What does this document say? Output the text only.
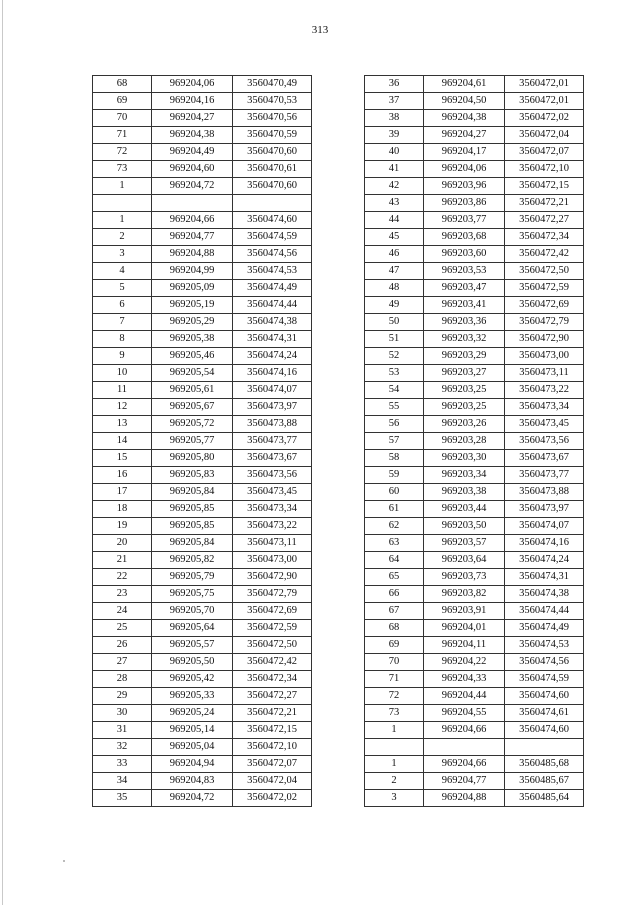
313
68	969204,06	3560470,49
69	969204,16	3560470,53
70	969204,27	3560470,56
71	969204,38	3560470,59
72	969204,49	3560470,60
73	969204,60	3560470,61
1	969204,72	3560470,60

1	969204,66	3560474,60
2	969204,77	3560474,59
3	969204,88	3560474,56
4	969204,99	3560474,53
5	969205,09	3560474,49
6	969205,19	3560474,44
7	969205,29	3560474,38
8	969205,38	3560474,31
9	969205,46	3560474,24
10	969205,54	3560474,16
11	969205,61	3560474,07
12	969205,67	3560473,97
13	969205,72	3560473,88
14	969205,77	3560473,77
15	969205,80	3560473,67
16	969205,83	3560473,56
17	969205,84	3560473,45
18	969205,85	3560473,34
19	969205,85	3560473,22
20	969205,84	3560473,11
21	969205,82	3560473,00
22	969205,79	3560472,90
23	969205,75	3560472,79
24	969205,70	3560472,69
25	969205,64	3560472,59
26	969205,57	3560472,50
27	969205,50	3560472,42
28	969205,42	3560472,34
29	969205,33	3560472,27
30	969205,24	3560472,21
31	969205,14	3560472,15
32	969205,04	3560472,10
33	969204,94	3560472,07
34	969204,83	3560472,04
35	969204,72	3560472,02
36	969204,61	3560472,01
37	969204,50	3560472,01
38	969204,38	3560472,02
39	969204,27	3560472,04
40	969204,17	3560472,07
41	969204,06	3560472,10
42	969203,96	3560472,15
43	969203,86	3560472,21
44	969203,77	3560472,27
45	969203,68	3560472,34
46	969203,60	3560472,42
47	969203,53	3560472,50
48	969203,47	3560472,59
49	969203,41	3560472,69
50	969203,36	3560472,79
51	969203,32	3560472,90
52	969203,29	3560473,00
53	969203,27	3560473,11
54	969203,25	3560473,22
55	969203,25	3560473,34
56	969203,26	3560473,45
57	969203,28	3560473,56
58	969203,30	3560473,67
59	969203,34	3560473,77
60	969203,38	3560473,88
61	969203,44	3560473,97
62	969203,50	3560474,07
63	969203,57	3560474,16
64	969203,64	3560474,24
65	969203,73	3560474,31
66	969203,82	3560474,38
67	969203,91	3560474,44
68	969204,01	3560474,49
69	969204,11	3560474,53
70	969204,22	3560474,56
71	969204,33	3560474,59
72	969204,44	3560474,60
73	969204,55	3560474,61
1	969204,66	3560474,60

1	969204,66	3560485,68
2	969204,77	3560485,67
3	969204,88	3560485,64
